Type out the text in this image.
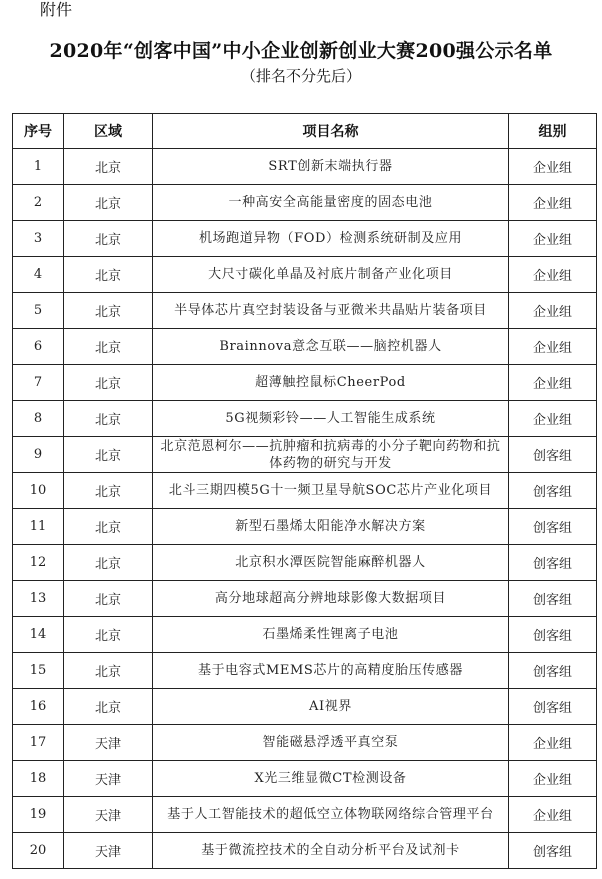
附件
2020年“创客中国”中小企业创新创业大赛200强公示名单
（排名不分先后）
序号	区域	项目名称	组别
1	北京	SRT创新末端执行器	企业组
2	北京	一种高安全高能量密度的固态电池	企业组
3	北京	机场跑道异物（FOD）检测系统研制及应用	企业组
4	北京	大尺寸碳化单晶及衬底片制备产业化项目	企业组
5	北京	半导体芯片真空封装设备与亚微米共晶贴片装备项目	企业组
6	北京	Brainnova意念互联——脑控机器人	企业组
7	北京	超薄触控鼠标CheerPod	企业组
8	北京	5G视频彩铃——人工智能生成系统	企业组
9	北京	北京范恩柯尔——抗肿瘤和抗病毒的小分子靶向药物和抗体药物的研究与开发	创客组
10	北京	北斗三期四模5G十一频卫星导航SOC芯片产业化项目	创客组
11	北京	新型石墨烯太阳能净水解决方案	创客组
12	北京	北京积水潭医院智能麻醉机器人	创客组
13	北京	高分地球超高分辨地球影像大数据项目	创客组
14	北京	石墨烯柔性锂离子电池	创客组
15	北京	基于电容式MEMS芯片的高精度胎压传感器	创客组
16	北京	AI视界	创客组
17	天津	智能磁悬浮透平真空泵	企业组
18	天津	X光三维显微CT检测设备	企业组
19	天津	基于人工智能技术的超低空立体物联网络综合管理平台	企业组
20	天津	基于微流控技术的全自动分析平台及试剂卡	创客组
